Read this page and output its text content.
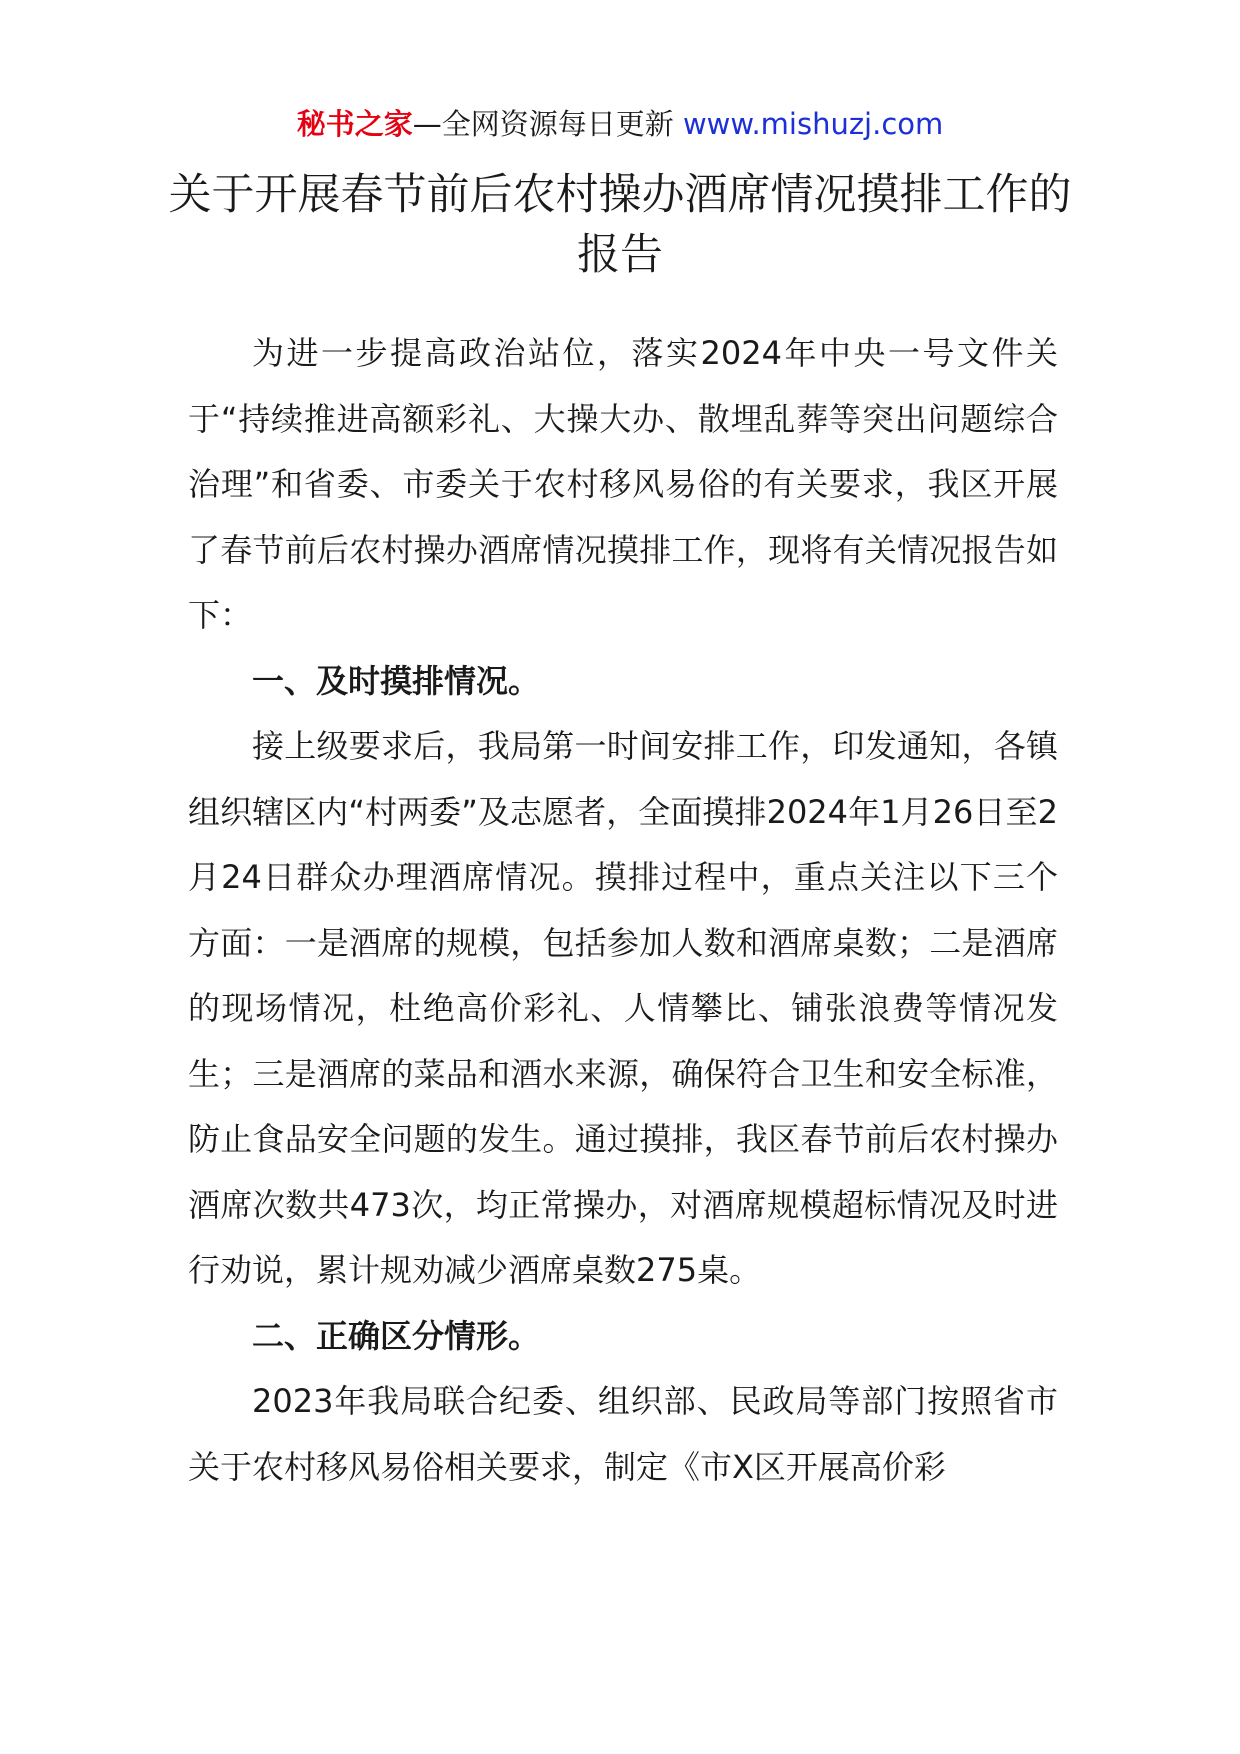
秘书之家—全网资源每日更新 www.mishuzj.com
关于开展春节前后农村操办酒席情况摸排工作的报告

为进一步提高政治站位，落实2024年中央一号文件关于“持续推进高额彩礼、大操大办、散埋乱葬等突出问题综合治理”和省委、市委关于农村移风易俗的有关要求，我区开展了春节前后农村操办酒席情况摸排工作，现将有关情况报告如下：

一、及时摸排情况。

接上级要求后，我局第一时间安排工作，印发通知，各镇组织辖区内“村两委”及志愿者，全面摸排2024年1月26日至2月24日群众办理酒席情况。摸排过程中，重点关注以下三个方面：一是酒席的规模，包括参加人数和酒席桌数；二是酒席的现场情况，杜绝高价彩礼、人情攀比、铺张浪费等情况发生；三是酒席的菜品和酒水来源，确保符合卫生和安全标准，防止食品安全问题的发生。通过摸排，我区春节前后农村操办酒席次数共473次，均正常操办，对酒席规模超标情况及时进行劝说，累计规劝减少酒席桌数275桌。

二、正确区分情形。

2023年我局联合纪委、组织部、民政局等部门按照省市关于农村移风易俗相关要求，制定《市X区开展高价彩
